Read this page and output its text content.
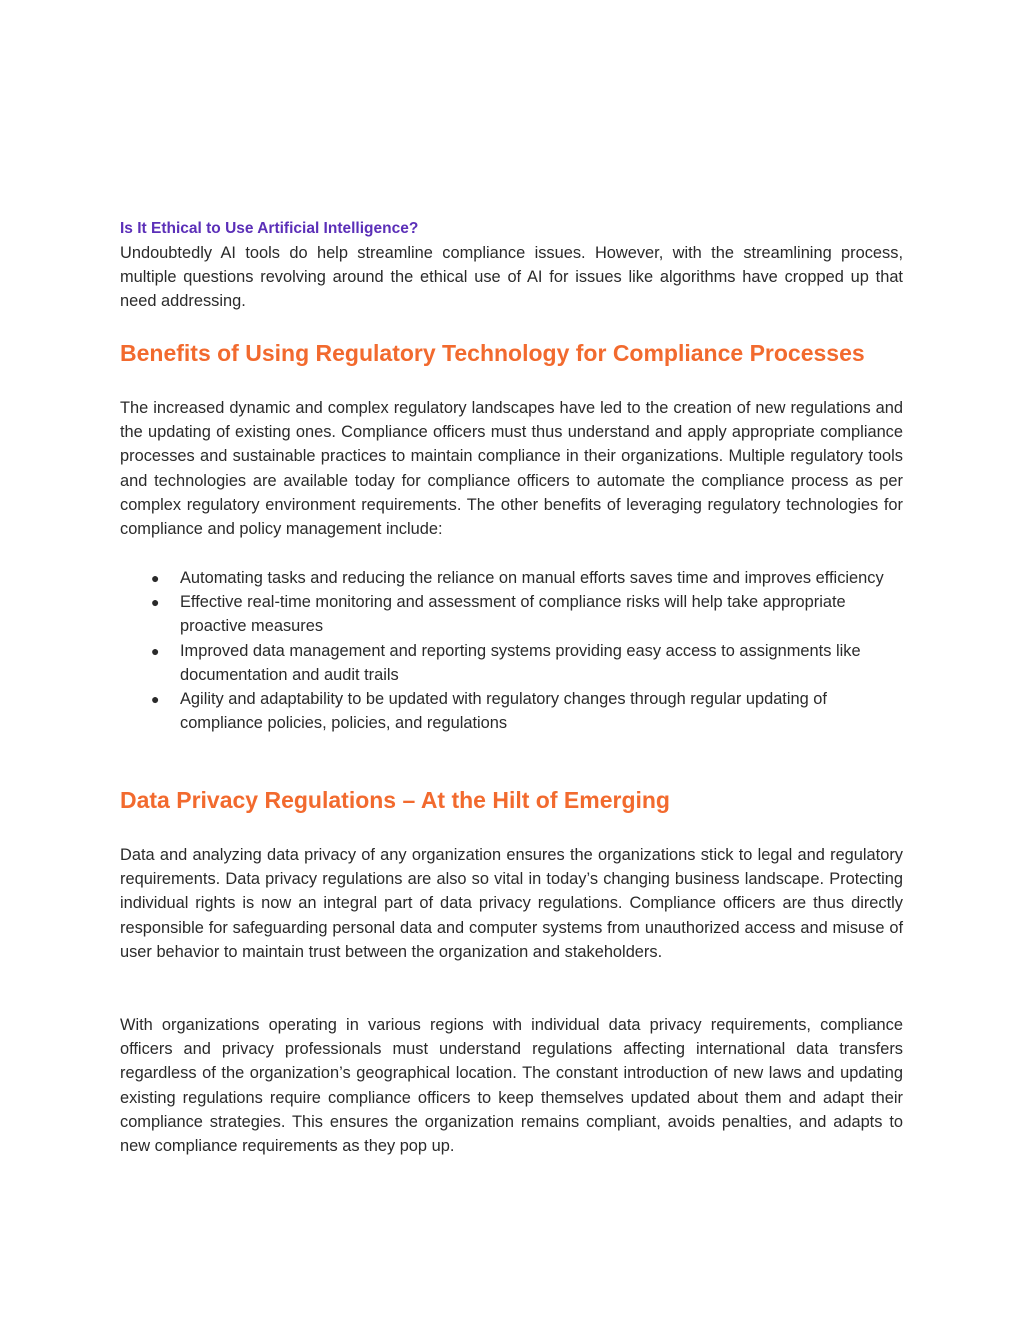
Is It Ethical to Use Artificial Intelligence?

Undoubtedly AI tools do help streamline compliance issues. However, with the streamlining process, multiple questions revolving around the ethical use of AI for issues like algorithms have cropped up that need addressing.

Benefits of Using Regulatory Technology for Compliance Processes

The increased dynamic and complex regulatory landscapes have led to the creation of new regulations and the updating of existing ones. Compliance officers must thus understand and apply appropriate compliance processes and sustainable practices to maintain compliance in their organizations. Multiple regulatory tools and technologies are available today for compliance officers to automate the compliance process as per complex regulatory environment requirements. The other benefits of leveraging regulatory technologies for compliance and policy management include:

● Automating tasks and reducing the reliance on manual efforts saves time and improves efficiency
● Effective real-time monitoring and assessment of compliance risks will help take appropriate proactive measures
● Improved data management and reporting systems providing easy access to assignments like documentation and audit trails
● Agility and adaptability to be updated with regulatory changes through regular updating of compliance policies, policies, and regulations
Data Privacy Regulations – At the Hilt of Emerging

Data and analyzing data privacy of any organization ensures the organizations stick to legal and regulatory requirements. Data privacy regulations are also so vital in today’s changing business landscape. Protecting individual rights is now an integral part of data privacy regulations. Compliance officers are thus directly responsible for safeguarding personal data and computer systems from unauthorized access and misuse of user behavior to maintain trust between the organization and stakeholders.

With organizations operating in various regions with individual data privacy requirements, compliance officers and privacy professionals must understand regulations affecting international data transfers regardless of the organization’s geographical location. The constant introduction of new laws and updating existing regulations require compliance officers to keep themselves updated about them and adapt their compliance strategies. This ensures the organization remains compliant, avoids penalties, and adapts to new compliance requirements as they pop up.
